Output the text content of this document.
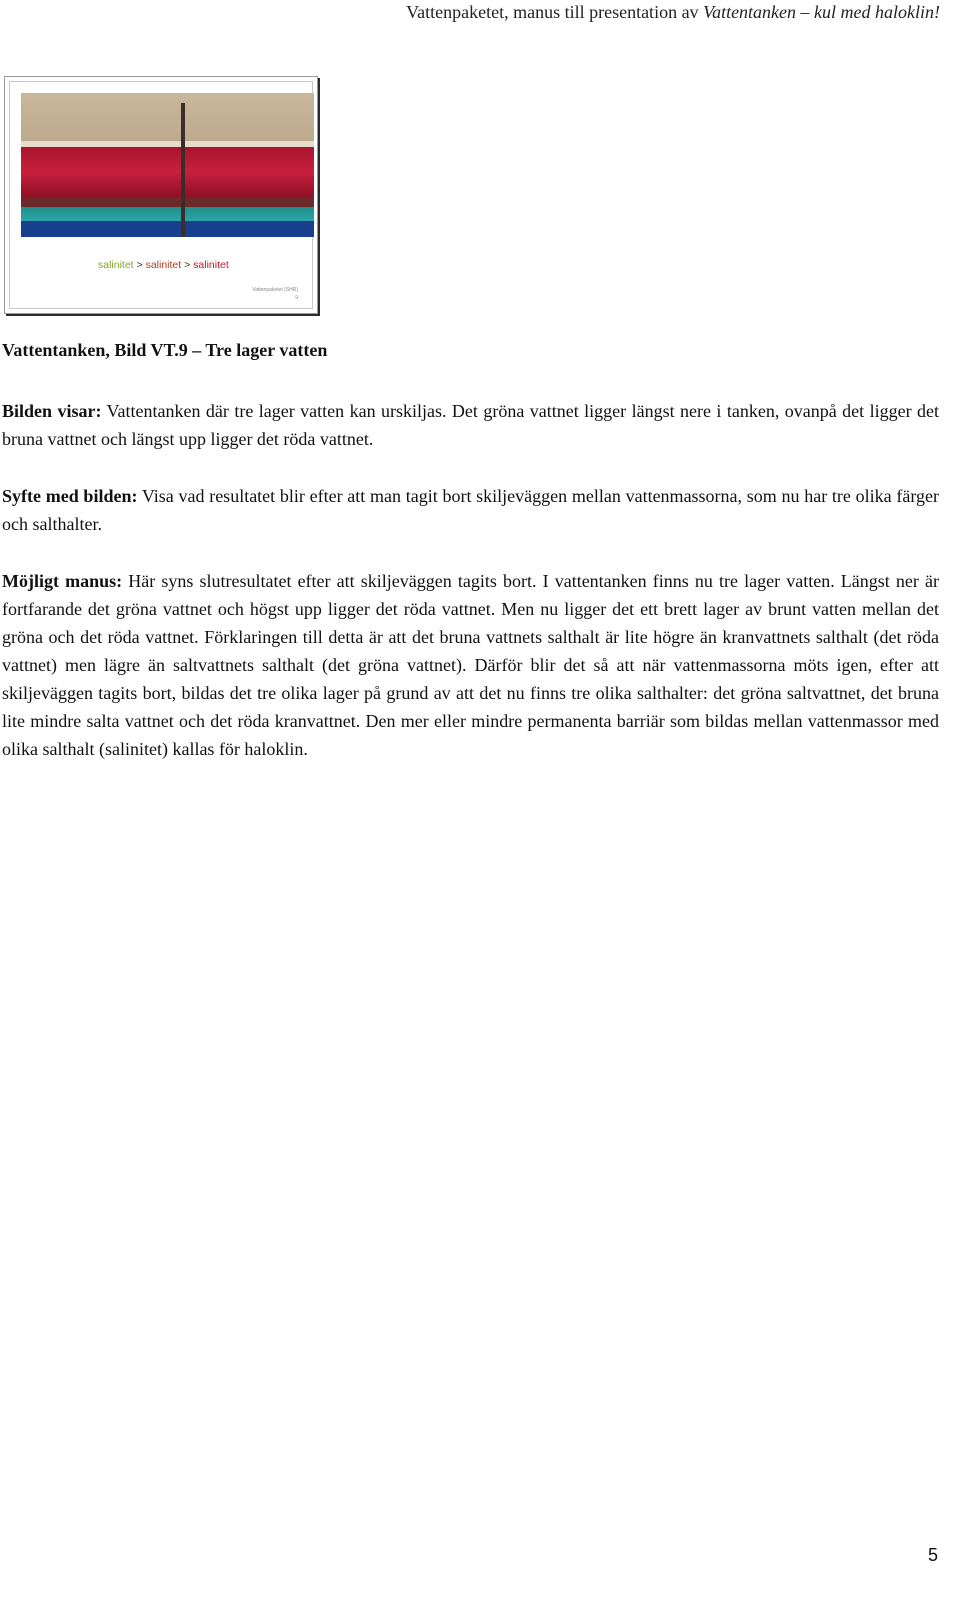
Vattenpaketet, manus till presentation av Vattentanken – kul med haloklin!
salinitet > salinitet > salinitet
Vattenpaketet (SHR)
9
Vattentanken, Bild VT.9 – Tre lager vatten

Bilden visar: Vattentanken där tre lager vatten kan urskiljas. Det gröna vattnet ligger längst nere i tanken, ovanpå det ligger det bruna vattnet och längst upp ligger det röda vattnet.

Syfte med bilden: Visa vad resultatet blir efter att man tagit bort skiljeväggen mellan vattenmassorna, som nu har tre olika färger och salthalter.

Möjligt manus: Här syns slutresultatet efter att skiljeväggen tagits bort. I vattentanken finns nu tre lager vatten. Längst ner är fortfarande det gröna vattnet och högst upp ligger det röda vattnet. Men nu ligger det ett brett lager av brunt vatten mellan det gröna och det röda vattnet. Förklaringen till detta är att det bruna vattnets salthalt är lite högre än kranvattnets salthalt (det röda vattnet) men lägre än saltvattnets salthalt (det gröna vattnet). Därför blir det så att när vattenmassorna möts igen, efter att skiljeväggen tagits bort, bildas det tre olika lager på grund av att det nu finns tre olika salthalter: det gröna saltvattnet, det bruna lite mindre salta vattnet och det röda kranvattnet. Den mer eller mindre permanenta barriär som bildas mellan vattenmassor med olika salthalt (salinitet) kallas för haloklin.

5
